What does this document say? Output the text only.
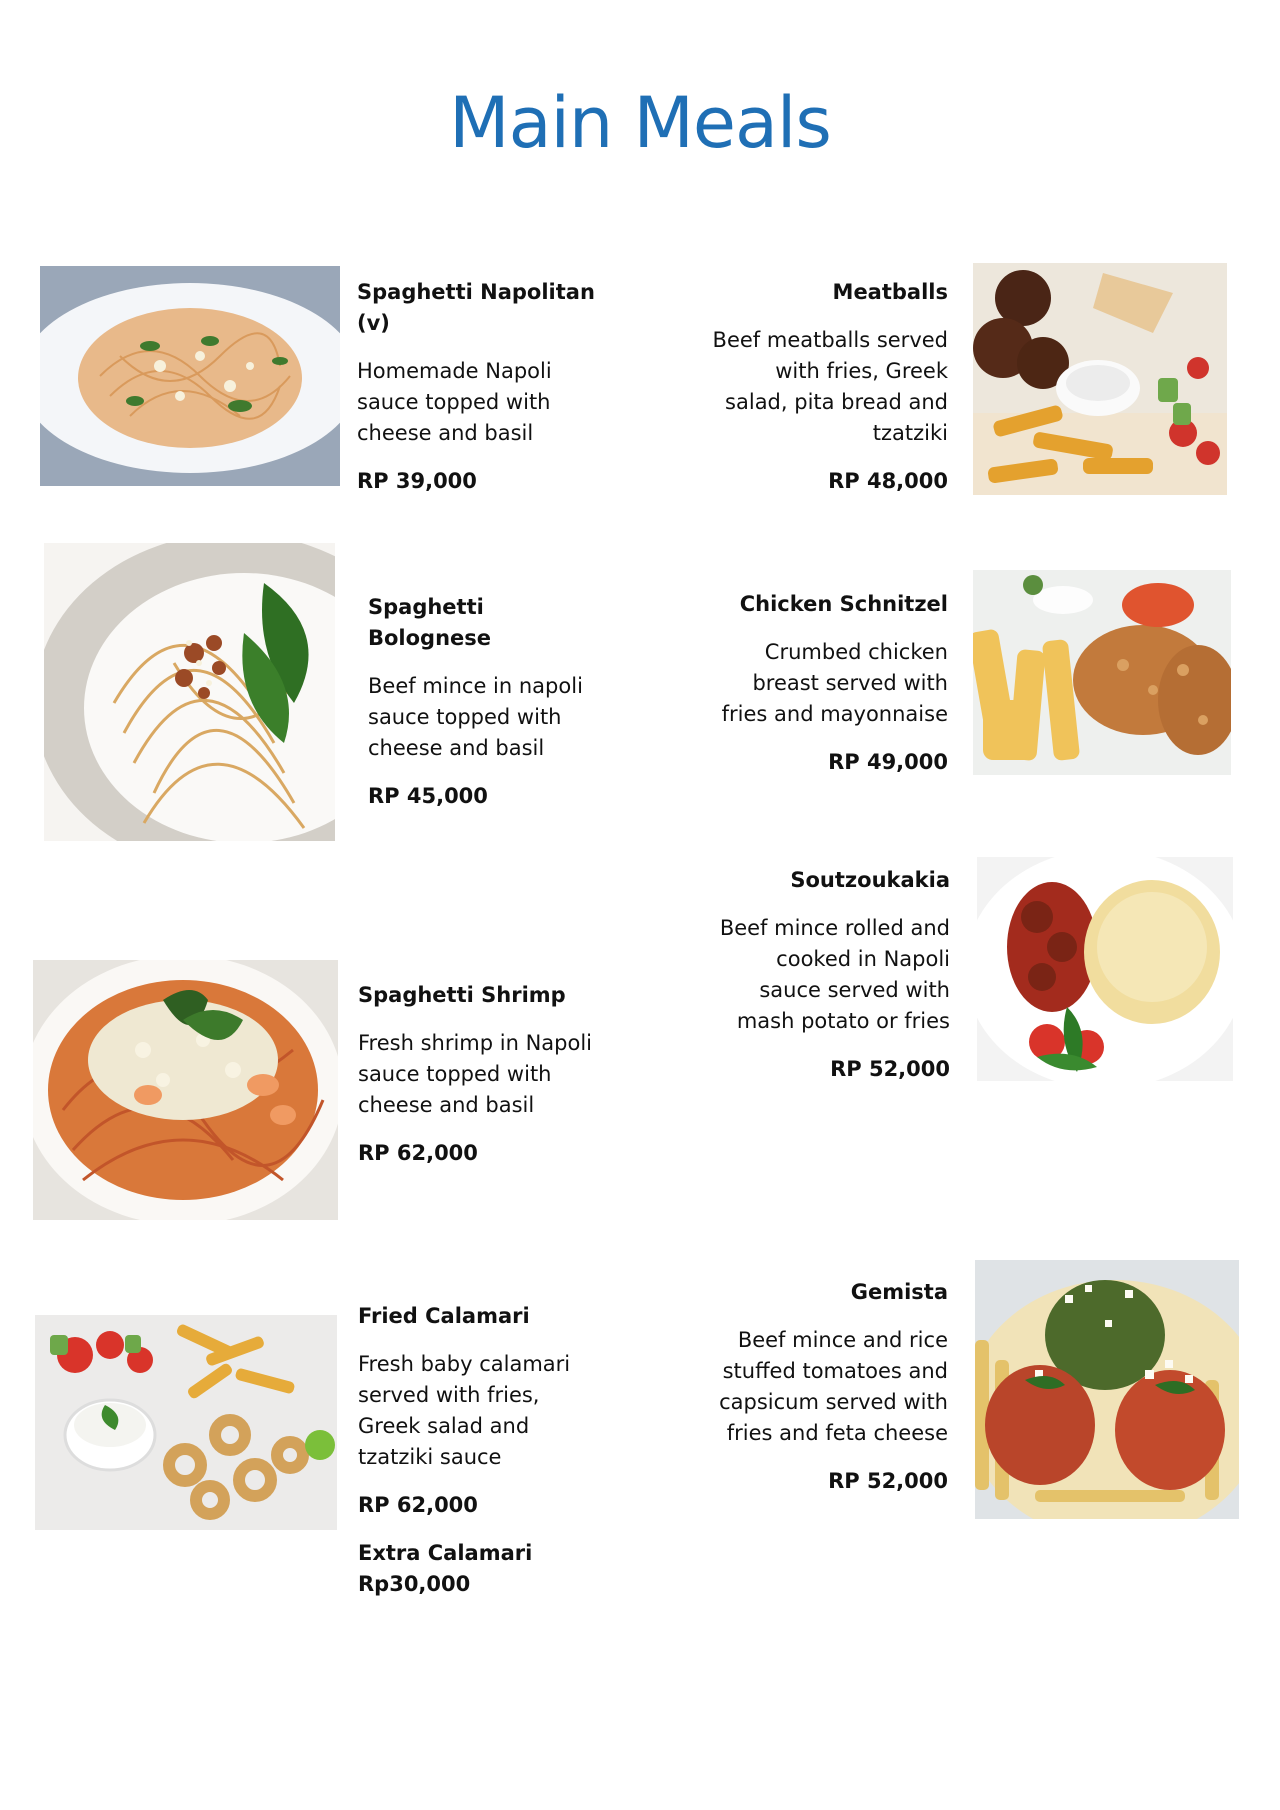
Main Meals
Spaghetti Napolitan (v)
Homemade Napoli sauce topped with cheese and basil
RP 39,000
Meatballs
Beef meatballs served with fries, Greek salad, pita bread and tzatziki
RP 48,000
Spaghetti Bolognese
Beef mince in napoli sauce topped with cheese and basil
RP 45,000
Chicken Schnitzel
Crumbed chicken breast served with fries and mayonnaise
RP 49,000
Soutzoukakia
Beef mince rolled and cooked in Napoli sauce served with mash potato or fries
RP 52,000
Spaghetti Shrimp
Fresh shrimp in Napoli sauce topped with cheese and basil
RP 62,000
Fried Calamari
Fresh baby calamari served with fries, Greek salad and tzatziki sauce
RP 62,000
Extra Calamari Rp30,000
Gemista
Beef mince and rice stuffed tomatoes and capsicum served with fries and feta cheese
RP 52,000
